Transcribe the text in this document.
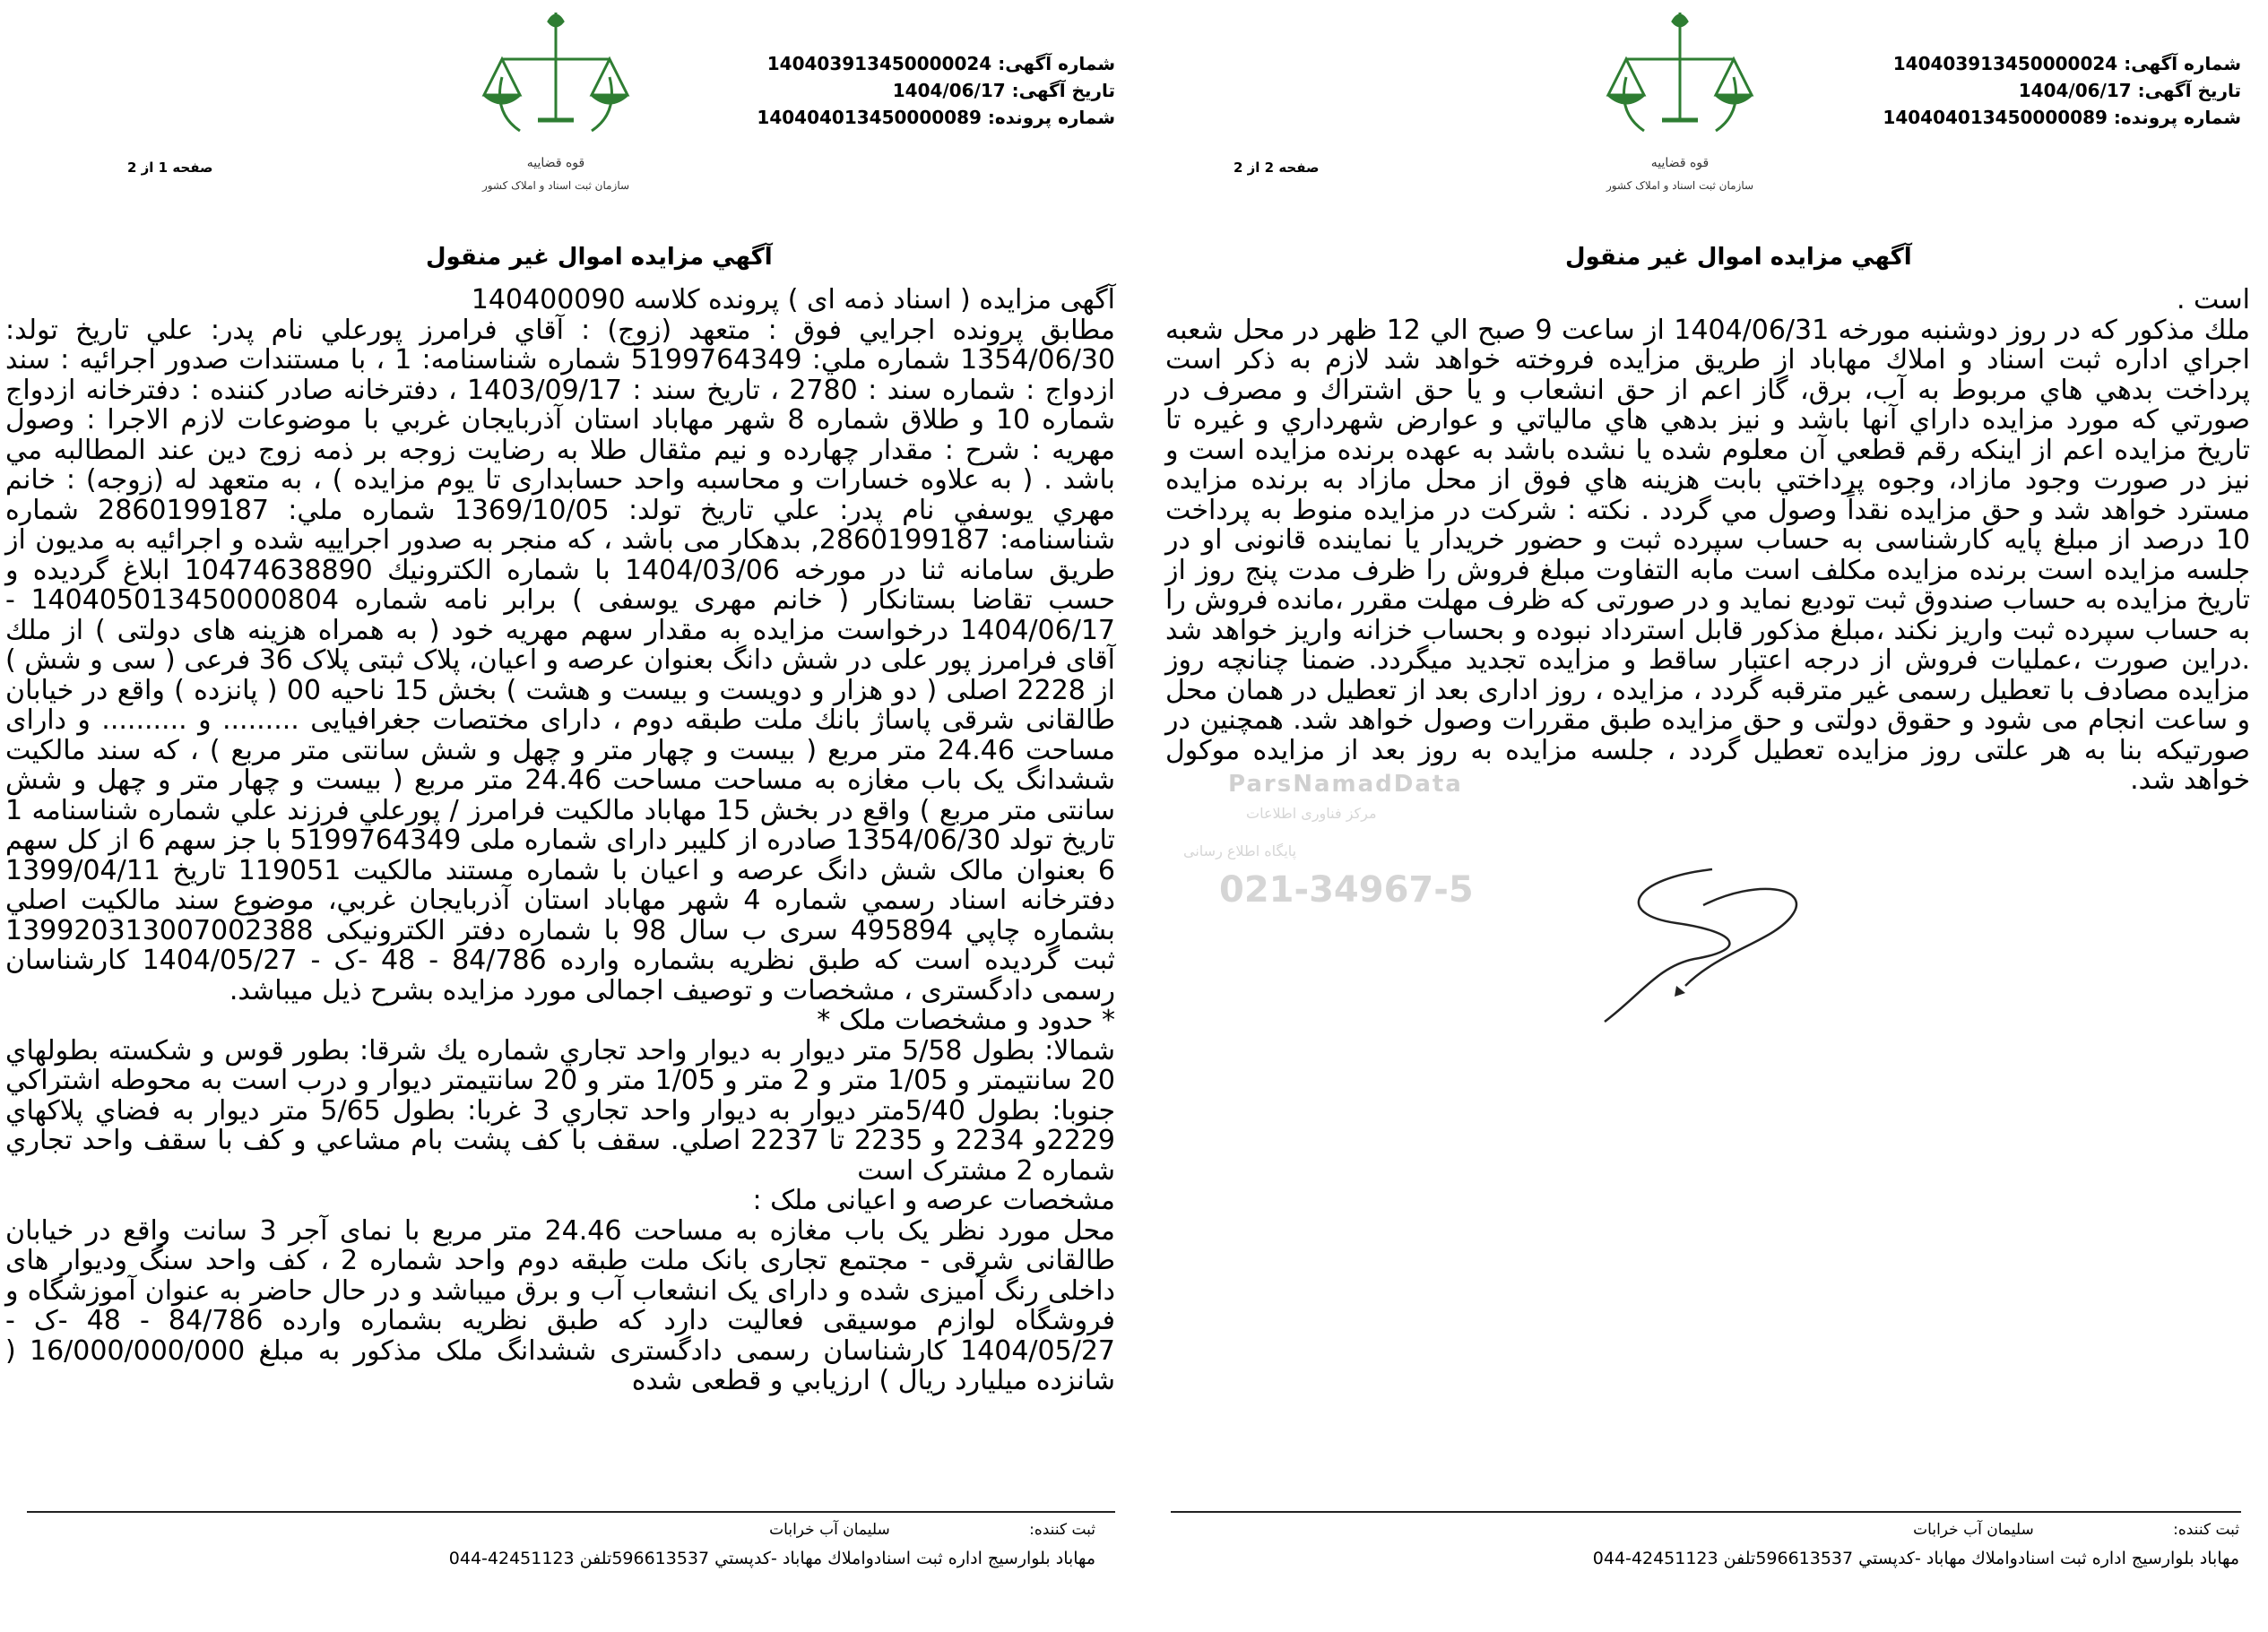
شماره آگهی: 140403913450000024
تاریخ آگهی: 1404/06/17
شماره پرونده: 140404013450000089
قوه قضاییه
سازمان ثبت اسناد و املاک کشور
صفحه 2 از 2
آگهي مزايده اموال غير منقول

است .

ملك مذكور كه در روز دوشنبه مورخه 1404/06/31 از ساعت 9 صبح الي 12 ظهر در محل شعبه اجراي اداره ثبت اسناد و املاك مهاباد از طريق مزايده فروخته خواهد شد لازم به ذكر است پرداخت بدهي هاي مربوط به آب، برق، گاز اعم از حق انشعاب و يا حق اشتراك و مصرف در صورتي كه مورد مزايده داراي آنها باشد و نيز بدهي هاي مالياتي و عوارض شهرداري و غيره تا تاريخ مزايده اعم از اينكه رقم قطعي آن معلوم شده يا نشده باشد به عهده برنده مزايده است و نيز در صورت وجود مازاد، وجوه پرداختي بابت هزينه هاي فوق از محل مازاد به برنده مزايده مسترد خواهد شد و حق مزايده نقداً وصول مي گردد . نكته : شركت در مزايده منوط به پرداخت 10 درصد از مبلغ پايه كارشناسی به حساب سپرده ثبت و حضور خريدار يا نماينده قانونی او در جلسه مزايده است برنده مزايده مكلف است مابه التفاوت مبلغ فروش را ظرف مدت پنج روز از تاريخ مزايده به حساب صندوق ثبت توديع نمايد و در صورتی كه ظرف مهلت مقرر ،مانده فروش را به حساب سپرده ثبت واريز نكند ،مبلغ مذكور قابل استرداد نبوده و بحساب خزانه واريز خواهد شد .دراين صورت ،عمليات فروش از درجه اعتبار ساقط و مزايده تجديد ميگردد. ضمنا چنانچه روز مزايده مصادف با تعطيل رسمی غير مترقبه گردد ، مزايده ، روز اداری بعد از تعطيل در همان محل و ساعت انجام می شود و حقوق دولتی و حق مزايده طبق مقررات وصول خواهد شد. همچنين در صورتيكه بنا به هر علتی روز مزايده تعطيل گردد ، جلسه مزايده به روز بعد از مزايده موكول خواهد شد.

ثبت کننده: سلیمان آب خرابات
مهاباد بلوارسيج اداره ثبت اسنادواملاك مهاباد -كدپستي 596613537تلفن 42451123-044
ParsNamadData
مرکز فناوری اطلاعات
پایگاه اطلاع رسانی
021-34967-5
شماره آگهی: 140403913450000024
تاریخ آگهی: 1404/06/17
شماره پرونده: 140404013450000089
قوه قضاییه
سازمان ثبت اسناد و املاک کشور
صفحه 1 از 2

آگهی مزایده ( اسناد ذمه ای ) پرونده کلاسه 140400090

مطابق پرونده اجرايي فوق : متعهد (زوج) : آقاي فرامرز پورعلي نام پدر: علي تاريخ تولد: 1354/06/30 شماره ملي: 5199764349 شماره شناسنامه: 1 ، با مستندات صدور اجرائيه : سند ازدواج : شماره سند : 2780 ، تاريخ سند : 1403/09/17 ، دفترخانه صادر كننده : دفترخانه ازدواج شماره 10 و طلاق شماره 8 شهر مهاباد استان آذربايجان غربي با موضوعات لازم الاجرا : وصول مهريه : شرح : مقدار چهارده و نيم مثقال طلا به رضايت زوجه بر ذمه زوج دين عند المطالبه مي باشد . ( به علاوه خسارات و محاسبه واحد حسابداری تا يوم مزايده ) ، به متعهد له (زوجه) : خانم مهري يوسفي نام پدر: علي تاريخ تولد: 1369/10/05 شماره ملي: 2860199187 شماره شناسنامه: 2860199187, بدهكار می باشد ، كه منجر به صدور اجراييه شده و اجرائيه به مديون از طريق سامانه ثنا در مورخه 1404/03/06 با شماره الكترونيك 10474638890 ابلاغ گرديده و حسب تقاضا بستانكار ( خانم مهری يوسفی ) برابر نامه شماره 140405013450000804 - 1404/06/17 درخواست مزايده به مقدار سهم مهريه خود ( به همراه هزينه های دولتی ) از ملك آقای فرامرز پور علی در شش دانگ بعنوان عرصه و اعيان، پلاک ثبتی پلاک 36 فرعی ( سی و شش ) از 2228 اصلی ( دو هزار و دويست و بيست و هشت ) بخش 15 ناحيه 00 ( پانزده ) واقع در خيابان طالقانی شرقی پاساژ بانك ملت طبقه دوم ، دارای مختصات جغرافيايی ......... و .......... و دارای مساحت 24.46 متر مربع ( بيست و چهار متر و چهل و شش سانتی متر مربع ) ، كه سند مالكيت ششدانگ يک باب مغازه به مساحت مساحت 24.46 متر مربع ( بيست و چهار متر و چهل و شش سانتی متر مربع ) واقع در بخش 15 مهاباد مالكيت فرامرز / پورعلي فرزند علي شماره شناسنامه 1 تاريخ تولد 1354/06/30 صادره از كليبر داراى شماره ملى 5199764349 با جز سهم 6 از كل سهم 6 بعنوان مالک شش دانگ عرصه و اعيان با شماره مستند مالكيت 119051 تاريخ 1399/04/11 دفترخانه اسناد رسمي شماره 4 شهر مهاباد استان آذربايجان غربي، موضوع سند مالكيت اصلي بشماره چاپي 495894 سری ب سال 98 با شماره دفتر الكترونيكی 139920313007002388 ثبت گرديده است كه طبق نظريه بشماره وارده 84/786 - 48 -ک - 1404/05/27 كارشناسان رسمی دادگستری ، مشخصات و توصيف اجمالی مورد مزايده بشرح ذيل ميباشد.

* حدود و مشخصات ملک *

شمالا: بطول 5/58 متر ديوار به ديوار واحد تجاري شماره يك شرقا: بطور قوس و شكسته بطولهاي 20 سانتيمتر و 1/05 متر و 2 متر و 1/05 متر و 20 سانتيمتر ديوار و درب است به محوطه اشتراكي جنوبا: بطول 5/40متر ديوار به ديوار واحد تجاري 3 غربا: بطول 5/65 متر ديوار به فضاي پلاكهاي 2229و 2234 و 2235 تا 2237 اصلي. سقف با كف پشت بام مشاعي و كف با سقف واحد تجاري شماره 2 مشترک است

مشخصات عرصه و اعيانی ملک :

محل مورد نظر يک باب مغازه به مساحت 24.46 متر مربع با نمای آجر 3 سانت واقع در خيابان طالقانی شرقی - مجتمع تجاری بانک ملت طبقه دوم واحد شماره 2 ، کف واحد سنگ وديوار های داخلی رنگ آميزی شده و دارای يک انشعاب آب و برق ميباشد و در حال حاضر به عنوان آموزشگاه و فروشگاه لوازم موسيقی فعاليت دارد که طبق نظريه بشماره وارده 84/786 - 48 -ک - 1404/05/27 کارشناسان رسمی دادگستری ششدانگ ملک مذکور به مبلغ 16/000/000/000 ( شانزده ميليارد ريال ) ارزيابي و قطعی شده

آگهي مزايده اموال غير منقول
ثبت کننده: سلیمان آب خرابات
مهاباد بلوارسيج اداره ثبت اسنادواملاك مهاباد -كدپستي 596613537تلفن 42451123-044
